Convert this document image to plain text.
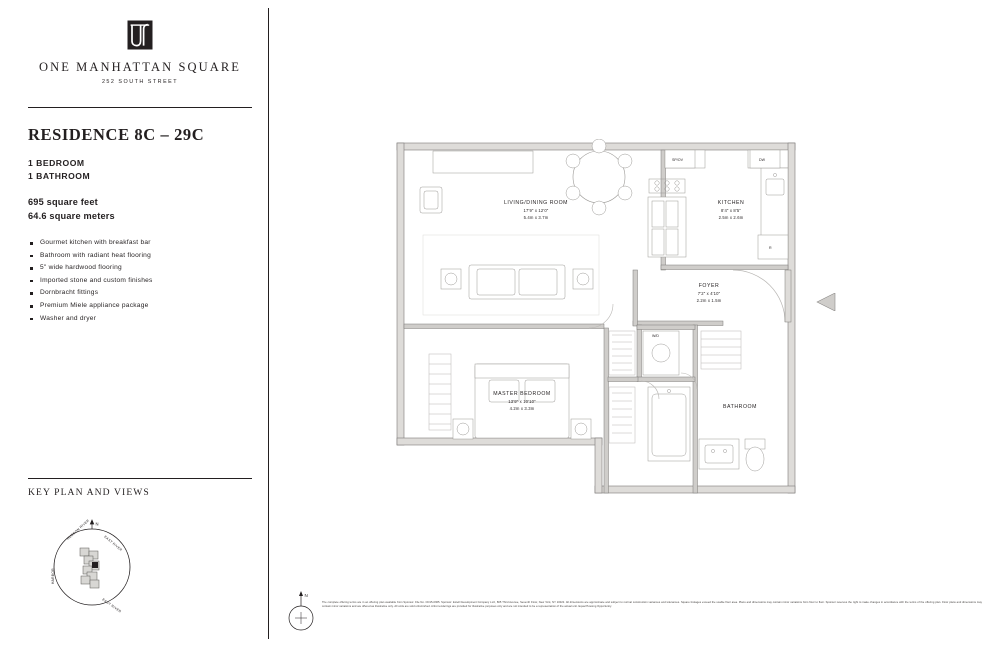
ONE MANHATTAN SQUARE
252 SOUTH STREET
RESIDENCE 8C – 29C
1 BEDROOM
1 BATHROOM
695 square feet
64.6 square meters
Gourmet kitchen with breakfast bar
Bathroom with radiant heat flooring
5" wide hardwood flooring
Imported stone and custom finishes
Dornbracht fittings
Premium Miele appliance package
Washer and dryer
KEY PLAN AND VIEWS
N
HUDSON RIVER
EAST RIVER
HARBOR
EAST RIVER
N
SP/OV	DW
R
W/D
LIVING/DINING ROOM
17'9" x 12'0"
5.4m x 3.7m
KITCHEN
8'4" x 8'5"
2.5m x 2.6m
FOYER
7'2" x 4'10"
2.2m x 1.5m
MASTER BEDROOM
13'9" x 10'10"
4.2m x 3.3m	BATHROOM
The complete offering terms are in an offering plan available from Sponsor. File No. CD15-0365. Sponsor: Extell Development Company LLC, 805 Third Avenue, Seventh Floor, New York, NY 10022. All dimensions are approximate and subject to normal construction variances and tolerances. Square footages exceed the usable floor area. Plans and dimensions may contain minor variations from floor to floor. Sponsor reserves the right to make changes in accordance with the terms of the offering plan. Floor plans and dimensions may contain minor variations and are offered as illustrative only. All units are sold unfurnished. Artist renderings are provided for illustrative purposes only and are not intended to be a representation of the actual unit. Equal Housing Opportunity.
